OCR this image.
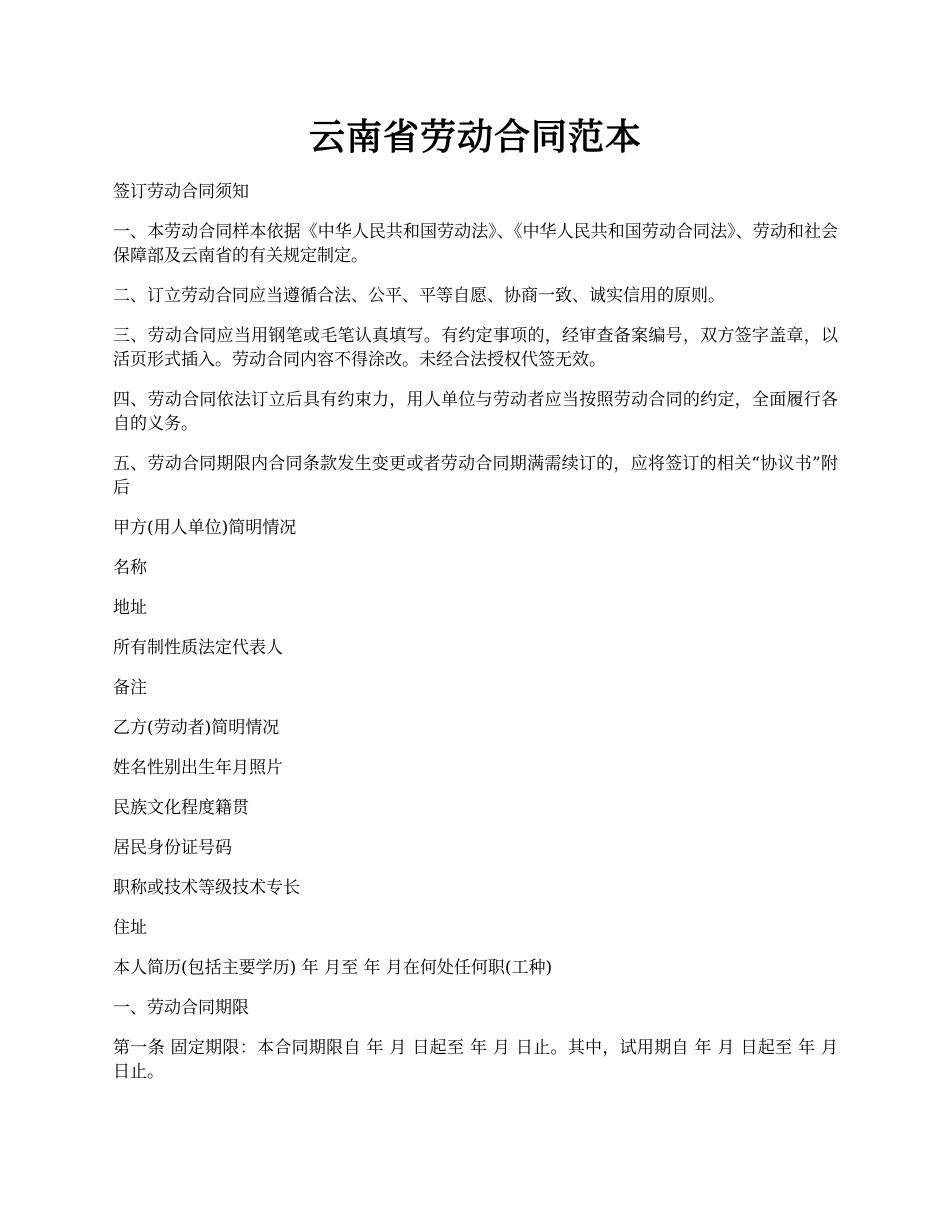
云南省劳动合同范本

签订劳动合同须知

一、本劳动合同样本依据《中华人民共和国劳动法》、《中华人民共和国劳动合同法》、劳动和社会保障部及云南省的有关规定制定。

二、订立劳动合同应当遵循合法、公平、平等自愿、协商一致、诚实信用的原则。

三、劳动合同应当用钢笔或毛笔认真填写。有约定事项的，经审查备案编号，双方签字盖章，以活页形式插入。劳动合同内容不得涂改。未经合法授权代签无效。

四、劳动合同依法订立后具有约束力，用人单位与劳动者应当按照劳动合同的约定，全面履行各自的义务。

五、劳动合同期限内合同条款发生变更或者劳动合同期满需续订的，应将签订的相关“协议书”附后

甲方(用人单位)简明情况

名称

地址

所有制性质法定代表人

备注

乙方(劳动者)简明情况

姓名性别出生年月照片

民族文化程度籍贯

居民身份证号码

职称或技术等级技术专长

住址

本人简历(包括主要学历) 年 月至 年 月在何处任何职(工种)

一、劳动合同期限

第一条 固定期限：本合同期限自 年 月 日起至 年 月 日止。其中，试用期自 年 月 日起至 年 月 日止。
